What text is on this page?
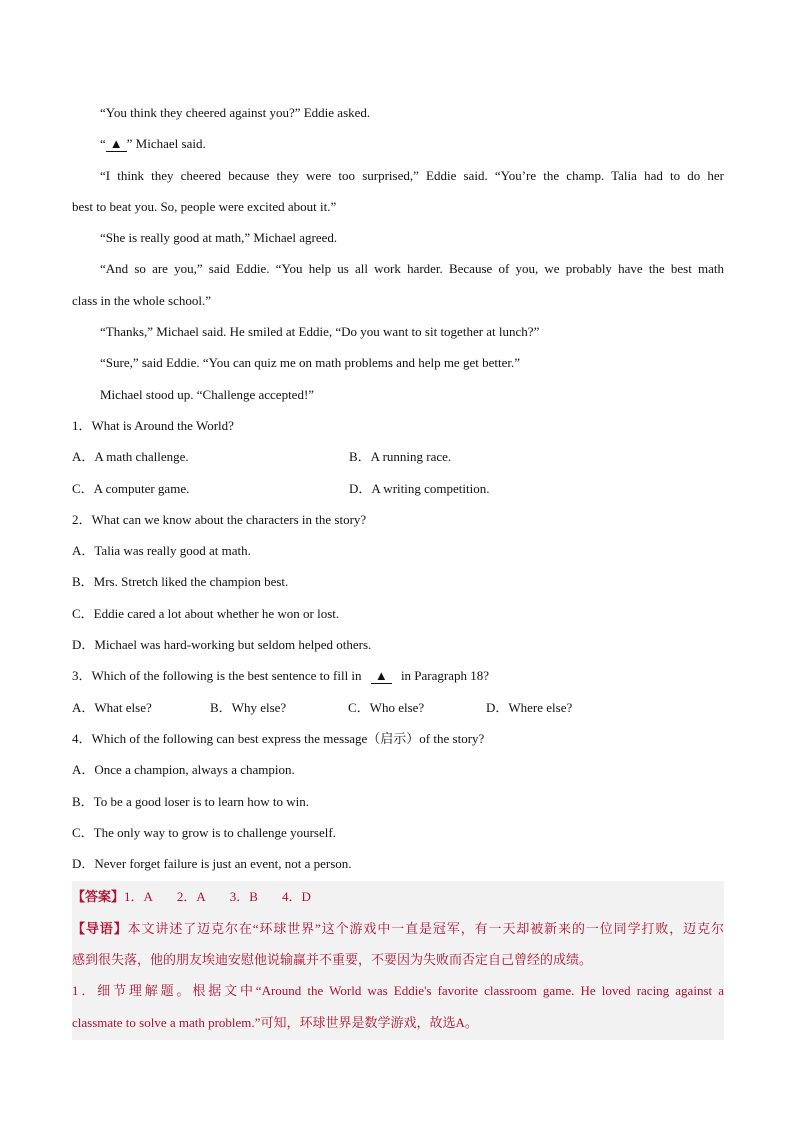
“You think they cheered against you?” Eddie asked.
“ ▲ ” Michael said.
“I think they cheered because they were too surprised,” Eddie said. “You’re the champ. Talia had to do her
best to beat you. So, people were excited about it.”
“She is really good at math,” Michael agreed.
“And so are you,” said Eddie. “You help us all work harder. Because of you, we probably have the best math
class in the whole school.”
“Thanks,” Michael said. He smiled at Eddie, “Do you want to sit together at lunch?”
“Sure,” said Eddie. “You can quiz me on math problems and help me get better.”
Michael stood up. “Challenge accepted!”
1．What is Around the World?
A．A math challenge.	B．A running race.
C．A computer game.	D．A writing competition.
2．What can we know about the characters in the story?
A．Talia was really good at math.
B．Mrs. Stretch liked the champion best.
C．Eddie cared a lot about whether he won or lost.
D．Michael was hard-working but seldom helped others.
3．Which of the following is the best sentence to fill in ▲ in Paragraph 18?
A．What else?	B．Why else?	C．Who else?	D．Where else?
4．Which of the following can best express the message（启示）of the story?
A．Once a champion, always a champion.
B．To be a good loser is to learn how to win.
C．The only way to grow is to challenge yourself.
D．Never forget failure is just an event, not a person.
【答案】1．A 2．A 3．B 4．D
【导语】本文讲述了迈克尔在“环球世界”这个游戏中一直是冠军，有一天却被新来的一位同学打败，迈克尔
感到很失落，他的朋友埃迪安慰他说输赢并不重要，不要因为失败而否定自己曾经的成绩。
1．细节理解题。根据文中“Around the World was Eddie's favorite classroom game. He loved racing against a
classmate to solve a math problem.”可知，环球世界是数学游戏，故选A。
